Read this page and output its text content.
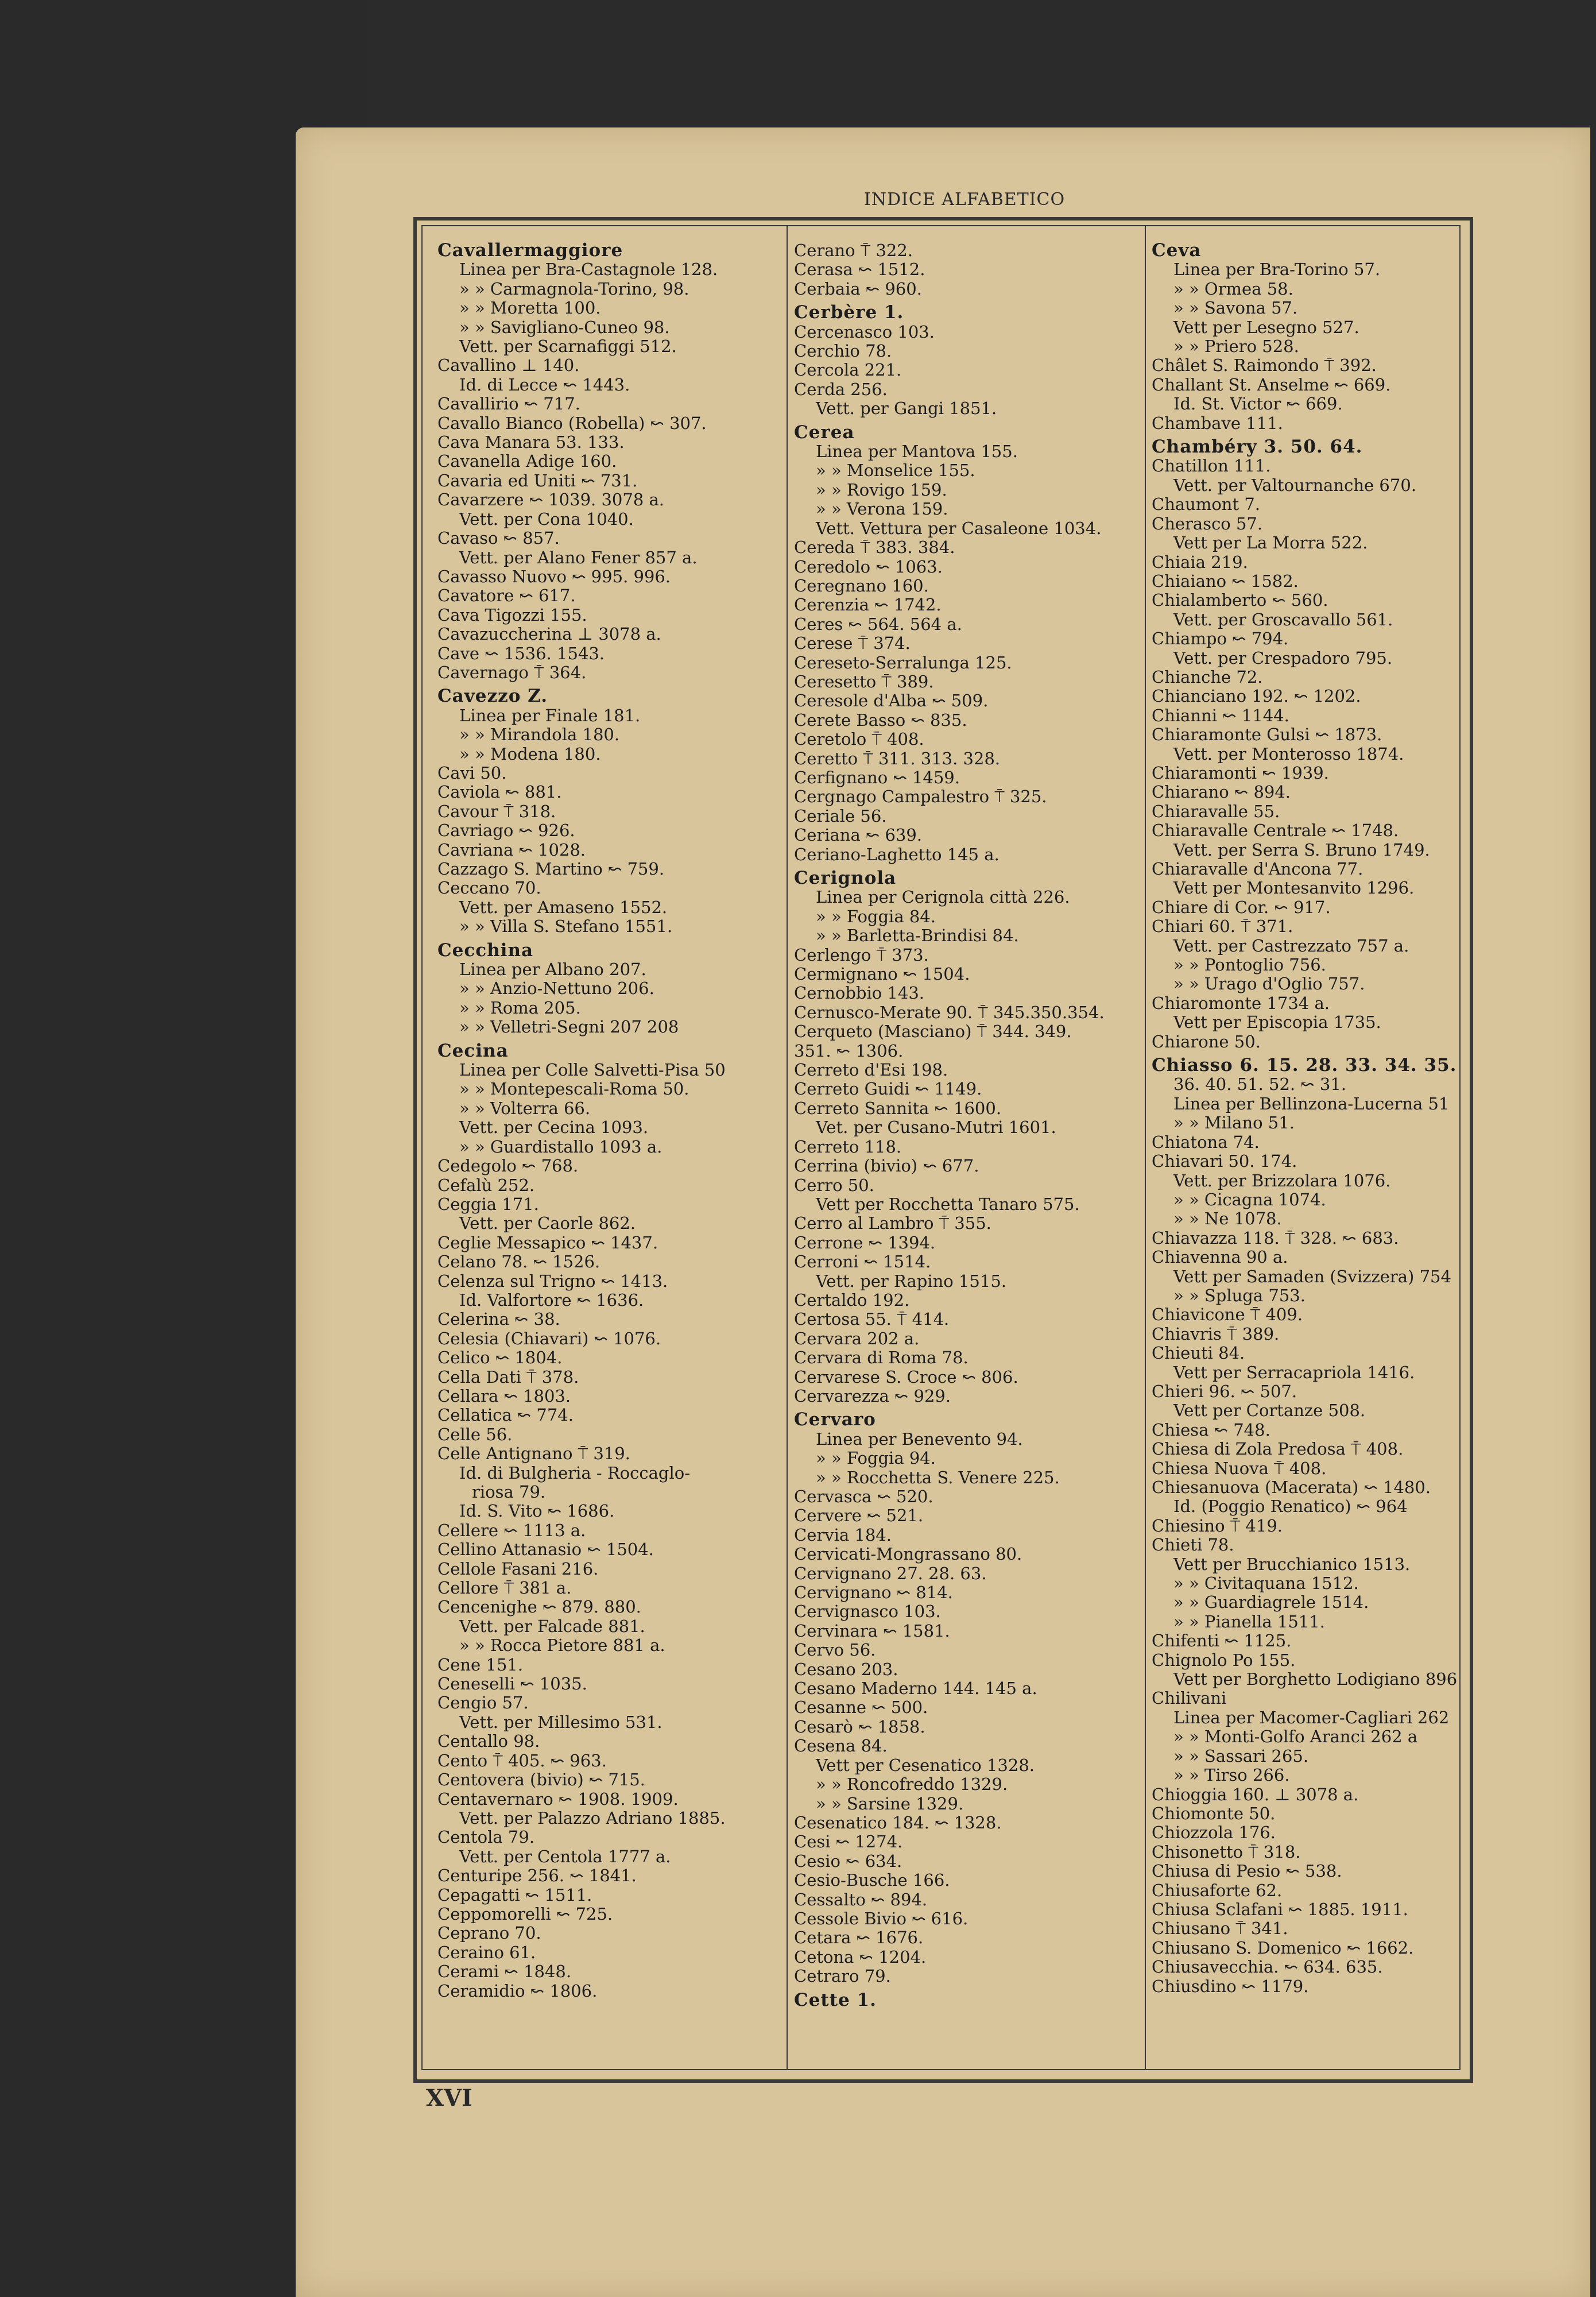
INDICE ALFABETICO
Cavallermaggiore
Linea per Bra-Castagnole 128.
» » Carmagnola-Torino, 98.
» » Moretta 100.
» » Savigliano-Cuneo 98.
Vett. per Scarnafiggi 512.
Cavallino ⊥ 140.
Id. di Lecce ↜ 1443.
Cavallirio ↜ 717.
Cavallo Bianco (Robella) ↜ 307.
Cava Manara 53. 133.
Cavanella Adige 160.
Cavaria ed Uniti ↜ 731.
Cavarzere ↜ 1039. 3078 a.
Vett. per Cona 1040.
Cavaso ↜ 857.
Vett. per Alano Fener 857 a.
Cavasso Nuovo ↜ 995. 996.
Cavatore ↜ 617.
Cava Tigozzi 155.
Cavazuccherina ⊥ 3078 a.
Cave ↜ 1536. 1543.
Cavernago ⍑ 364.
Cavezzo Z.
Linea per Finale 181.
» » Mirandola 180.
» » Modena 180.
Cavi 50.
Caviola ↜ 881.
Cavour ⍑ 318.
Cavriago ↜ 926.
Cavriana ↜ 1028.
Cazzago S. Martino ↜ 759.
Ceccano 70.
Vett. per Amaseno 1552.
» » Villa S. Stefano 1551.
Cecchina
Linea per Albano 207.
» » Anzio-Nettuno 206.
» » Roma 205.
» » Velletri-Segni 207 208
Cecina
Linea per Colle Salvetti-Pisa 50
» » Montepescali-Roma 50.
» » Volterra 66.
Vett. per Cecina 1093.
» » Guardistallo 1093 a.
Cedegolo ↜ 768.
Cefalù 252.
Ceggia 171.
Vett. per Caorle 862.
Ceglie Messapico ↜ 1437.
Celano 78. ↜ 1526.
Celenza sul Trigno ↜ 1413.
Id. Valfortore ↜ 1636.
Celerina ↜ 38.
Celesia (Chiavari) ↜ 1076.
Celico ↜ 1804.
Cella Dati ⍑ 378.
Cellara ↜ 1803.
Cellatica ↜ 774.
Celle 56.
Celle Antignano ⍑ 319.
Id. di Bulgheria - Roccaglo-
riosa 79.
Id. S. Vito ↜ 1686.
Cellere ↜ 1113 a.
Cellino Attanasio ↜ 1504.
Cellole Fasani 216.
Cellore ⍑ 381 a.
Cencenighe ↜ 879. 880.
Vett. per Falcade 881.
» » Rocca Pietore 881 a.
Cene 151.
Ceneselli ↜ 1035.
Cengio 57.
Vett. per Millesimo 531.
Centallo 98.
Cento ⍑ 405. ↜ 963.
Centovera (bivio) ↜ 715.
Centavernaro ↜ 1908. 1909.
Vett. per Palazzo Adriano 1885.
Centola 79.
Vett. per Centola 1777 a.
Centuripe 256. ↜ 1841.
Cepagatti ↜ 1511.
Ceppomorelli ↜ 725.
Ceprano 70.
Ceraino 61.
Cerami ↜ 1848.
Ceramidio ↜ 1806.
Cerano ⍑ 322.
Cerasa ↜ 1512.
Cerbaia ↜ 960.
Cerbère 1.
Cercenasco 103.
Cerchio 78.
Cercola 221.
Cerda 256.
Vett. per Gangi 1851.
Cerea
Linea per Mantova 155.
» » Monselice 155.
» » Rovigo 159.
» » Verona 159.
Vett. Vettura per Casaleone 1034.
Cereda ⍑ 383. 384.
Ceredolo ↜ 1063.
Ceregnano 160.
Cerenzia ↜ 1742.
Ceres ↜ 564. 564 a.
Cerese ⍑ 374.
Cereseto-Serralunga 125.
Ceresetto ⍑ 389.
Ceresole d'Alba ↜ 509.
Cerete Basso ↜ 835.
Ceretolo ⍑ 408.
Ceretto ⍑ 311. 313. 328.
Cerfignano ↜ 1459.
Cergnago Campalestro ⍑ 325.
Ceriale 56.
Ceriana ↜ 639.
Ceriano-Laghetto 145 a.
Cerignola
Linea per Cerignola città 226.
» » Foggia 84.
» » Barletta-Brindisi 84.
Cerlengo ⍑ 373.
Cermignano ↜ 1504.
Cernobbio 143.
Cernusco-Merate 90. ⍑ 345.350.354.
Cerqueto (Masciano) ⍑ 344. 349.
351. ↜ 1306.
Cerreto d'Esi 198.
Cerreto Guidi ↜ 1149.
Cerreto Sannita ↜ 1600.
Vet. per Cusano-Mutri 1601.
Cerreto 118.
Cerrina (bivio) ↜ 677.
Cerro 50.
Vett per Rocchetta Tanaro 575.
Cerro al Lambro ⍑ 355.
Cerrone ↜ 1394.
Cerroni ↜ 1514.
Vett. per Rapino 1515.
Certaldo 192.
Certosa 55. ⍑ 414.
Cervara 202 a.
Cervara di Roma 78.
Cervarese S. Croce ↜ 806.
Cervarezza ↜ 929.
Cervaro
Linea per Benevento 94.
» » Foggia 94.
» » Rocchetta S. Venere 225.
Cervasca ↜ 520.
Cervere ↜ 521.
Cervia 184.
Cervicati-Mongrassano 80.
Cervignano 27. 28. 63.
Cervignano ↜ 814.
Cervignasco 103.
Cervinara ↜ 1581.
Cervo 56.
Cesano 203.
Cesano Maderno 144. 145 a.
Cesanne ↜ 500.
Cesarò ↜ 1858.
Cesena 84.
Vett per Cesenatico 1328.
» » Roncofreddo 1329.
» » Sarsine 1329.
Cesenatico 184. ↜ 1328.
Cesi ↜ 1274.
Cesio ↜ 634.
Cesio-Busche 166.
Cessalto ↜ 894.
Cessole Bivio ↜ 616.
Cetara ↜ 1676.
Cetona ↜ 1204.
Cetraro 79.
Cette 1.
Ceva
Linea per Bra-Torino 57.
» » Ormea 58.
» » Savona 57.
Vett per Lesegno 527.
» » Priero 528.
Châlet S. Raimondo ⍑ 392.
Challant St. Anselme ↜ 669.
Id. St. Victor ↜ 669.
Chambave 111.
Chambéry 3. 50. 64.
Chatillon 111.
Vett. per Valtournanche 670.
Chaumont 7.
Cherasco 57.
Vett per La Morra 522.
Chiaia 219.
Chiaiano ↜ 1582.
Chialamberto ↜ 560.
Vett. per Groscavallo 561.
Chiampo ↜ 794.
Vett. per Crespadoro 795.
Chianche 72.
Chianciano 192. ↜ 1202.
Chianni ↜ 1144.
Chiaramonte Gulsi ↜ 1873.
Vett. per Monterosso 1874.
Chiaramonti ↜ 1939.
Chiarano ↜ 894.
Chiaravalle 55.
Chiaravalle Centrale ↜ 1748.
Vett. per Serra S. Bruno 1749.
Chiaravalle d'Ancona 77.
Vett per Montesanvito 1296.
Chiare di Cor. ↜ 917.
Chiari 60. ⍑ 371.
Vett. per Castrezzato 757 a.
» » Pontoglio 756.
» » Urago d'Oglio 757.
Chiaromonte 1734 a.
Vett per Episcopia 1735.
Chiarone 50.
Chiasso 6. 15. 28. 33. 34. 35.
36. 40. 51. 52. ↜ 31.
Linea per Bellinzona-Lucerna 51
» » Milano 51.
Chiatona 74.
Chiavari 50. 174.
Vett. per Brizzolara 1076.
» » Cicagna 1074.
» » Ne 1078.
Chiavazza 118. ⍑ 328. ↜ 683.
Chiavenna 90 a.
Vett per Samaden (Svizzera) 754
» » Spluga 753.
Chiavicone ⍑ 409.
Chiavris ⍑ 389.
Chieuti 84.
Vett per Serracapriola 1416.
Chieri 96. ↜ 507.
Vett per Cortanze 508.
Chiesa ↜ 748.
Chiesa di Zola Predosa ⍑ 408.
Chiesa Nuova ⍑ 408.
Chiesanuova (Macerata) ↜ 1480.
Id. (Poggio Renatico) ↜ 964
Chiesino ⍑ 419.
Chieti 78.
Vett per Brucchianico 1513.
» » Civitaquana 1512.
» » Guardiagrele 1514.
» » Pianella 1511.
Chifenti ↜ 1125.
Chignolo Po 155.
Vett per Borghetto Lodigiano 896
Chilivani
Linea per Macomer-Cagliari 262
» » Monti-Golfo Aranci 262 a
» » Sassari 265.
» » Tirso 266.
Chioggia 160. ⊥ 3078 a.
Chiomonte 50.
Chiozzola 176.
Chisonetto ⍑ 318.
Chiusa di Pesio ↜ 538.
Chiusaforte 62.
Chiusa Sclafani ↜ 1885. 1911.
Chiusano ⍑ 341.
Chiusano S. Domenico ↜ 1662.
Chiusavecchia. ↜ 634. 635.
Chiusdino ↜ 1179.
XVI
